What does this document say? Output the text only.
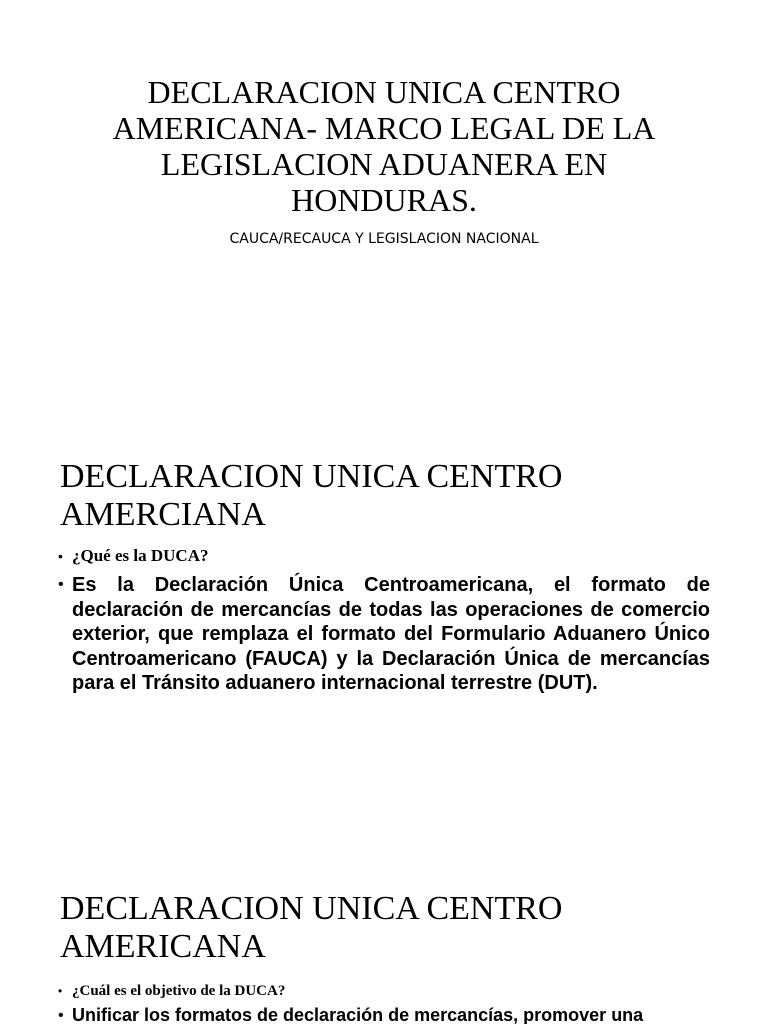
DECLARACION UNICA CENTRO AMERICANA- MARCO LEGAL DE LA LEGISLACION ADUANERA EN HONDURAS.

CAUCA/RECAUCA Y LEGISLACION NACIONAL

DECLARACION UNICA CENTRO AMERCIANA
• ¿Qué es la DUCA?
• Es la Declaración Única Centroamericana, el formato de declaración de mercancías de todas las operaciones de comercio exterior, que remplaza el formato del Formulario Aduanero Único Centroamericano (FAUCA) y la Declaración Única de mercancías para el Tránsito aduanero internacional terrestre (DUT).
DECLARACION UNICA CENTRO AMERICANA
• ¿Cuál es el objetivo de la DUCA?
• Unificar los formatos de declaración de mercancías, promover una
